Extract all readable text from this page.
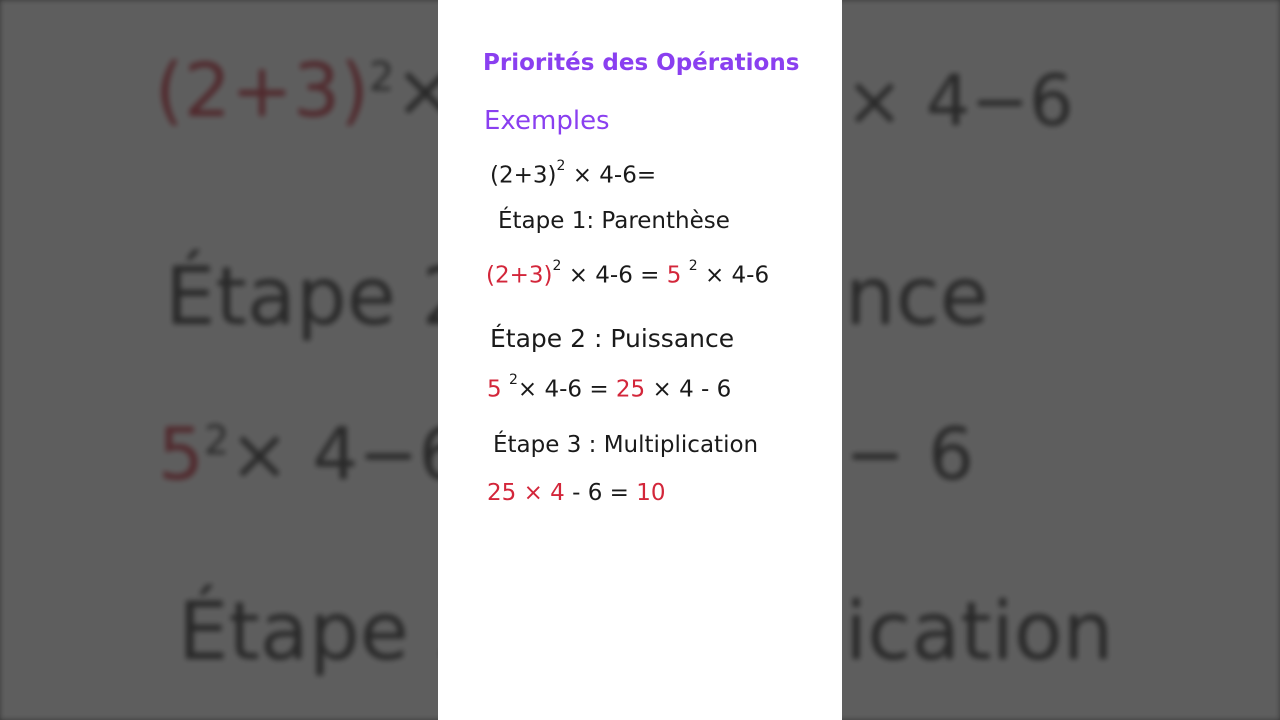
Priorités des Opérations
Exemples
$(2+3)^2 \times 4-6=$
Étape 1: Parenthèse
$(2+3)^2 \times 4-6 = 5$ $^2$ × 4-6
Étape 2 : Puissance
5 $^2$× 4-6 = 25 × 4 - 6
Étape 3 : Multiplication
25 × 4 - 6 = 10
